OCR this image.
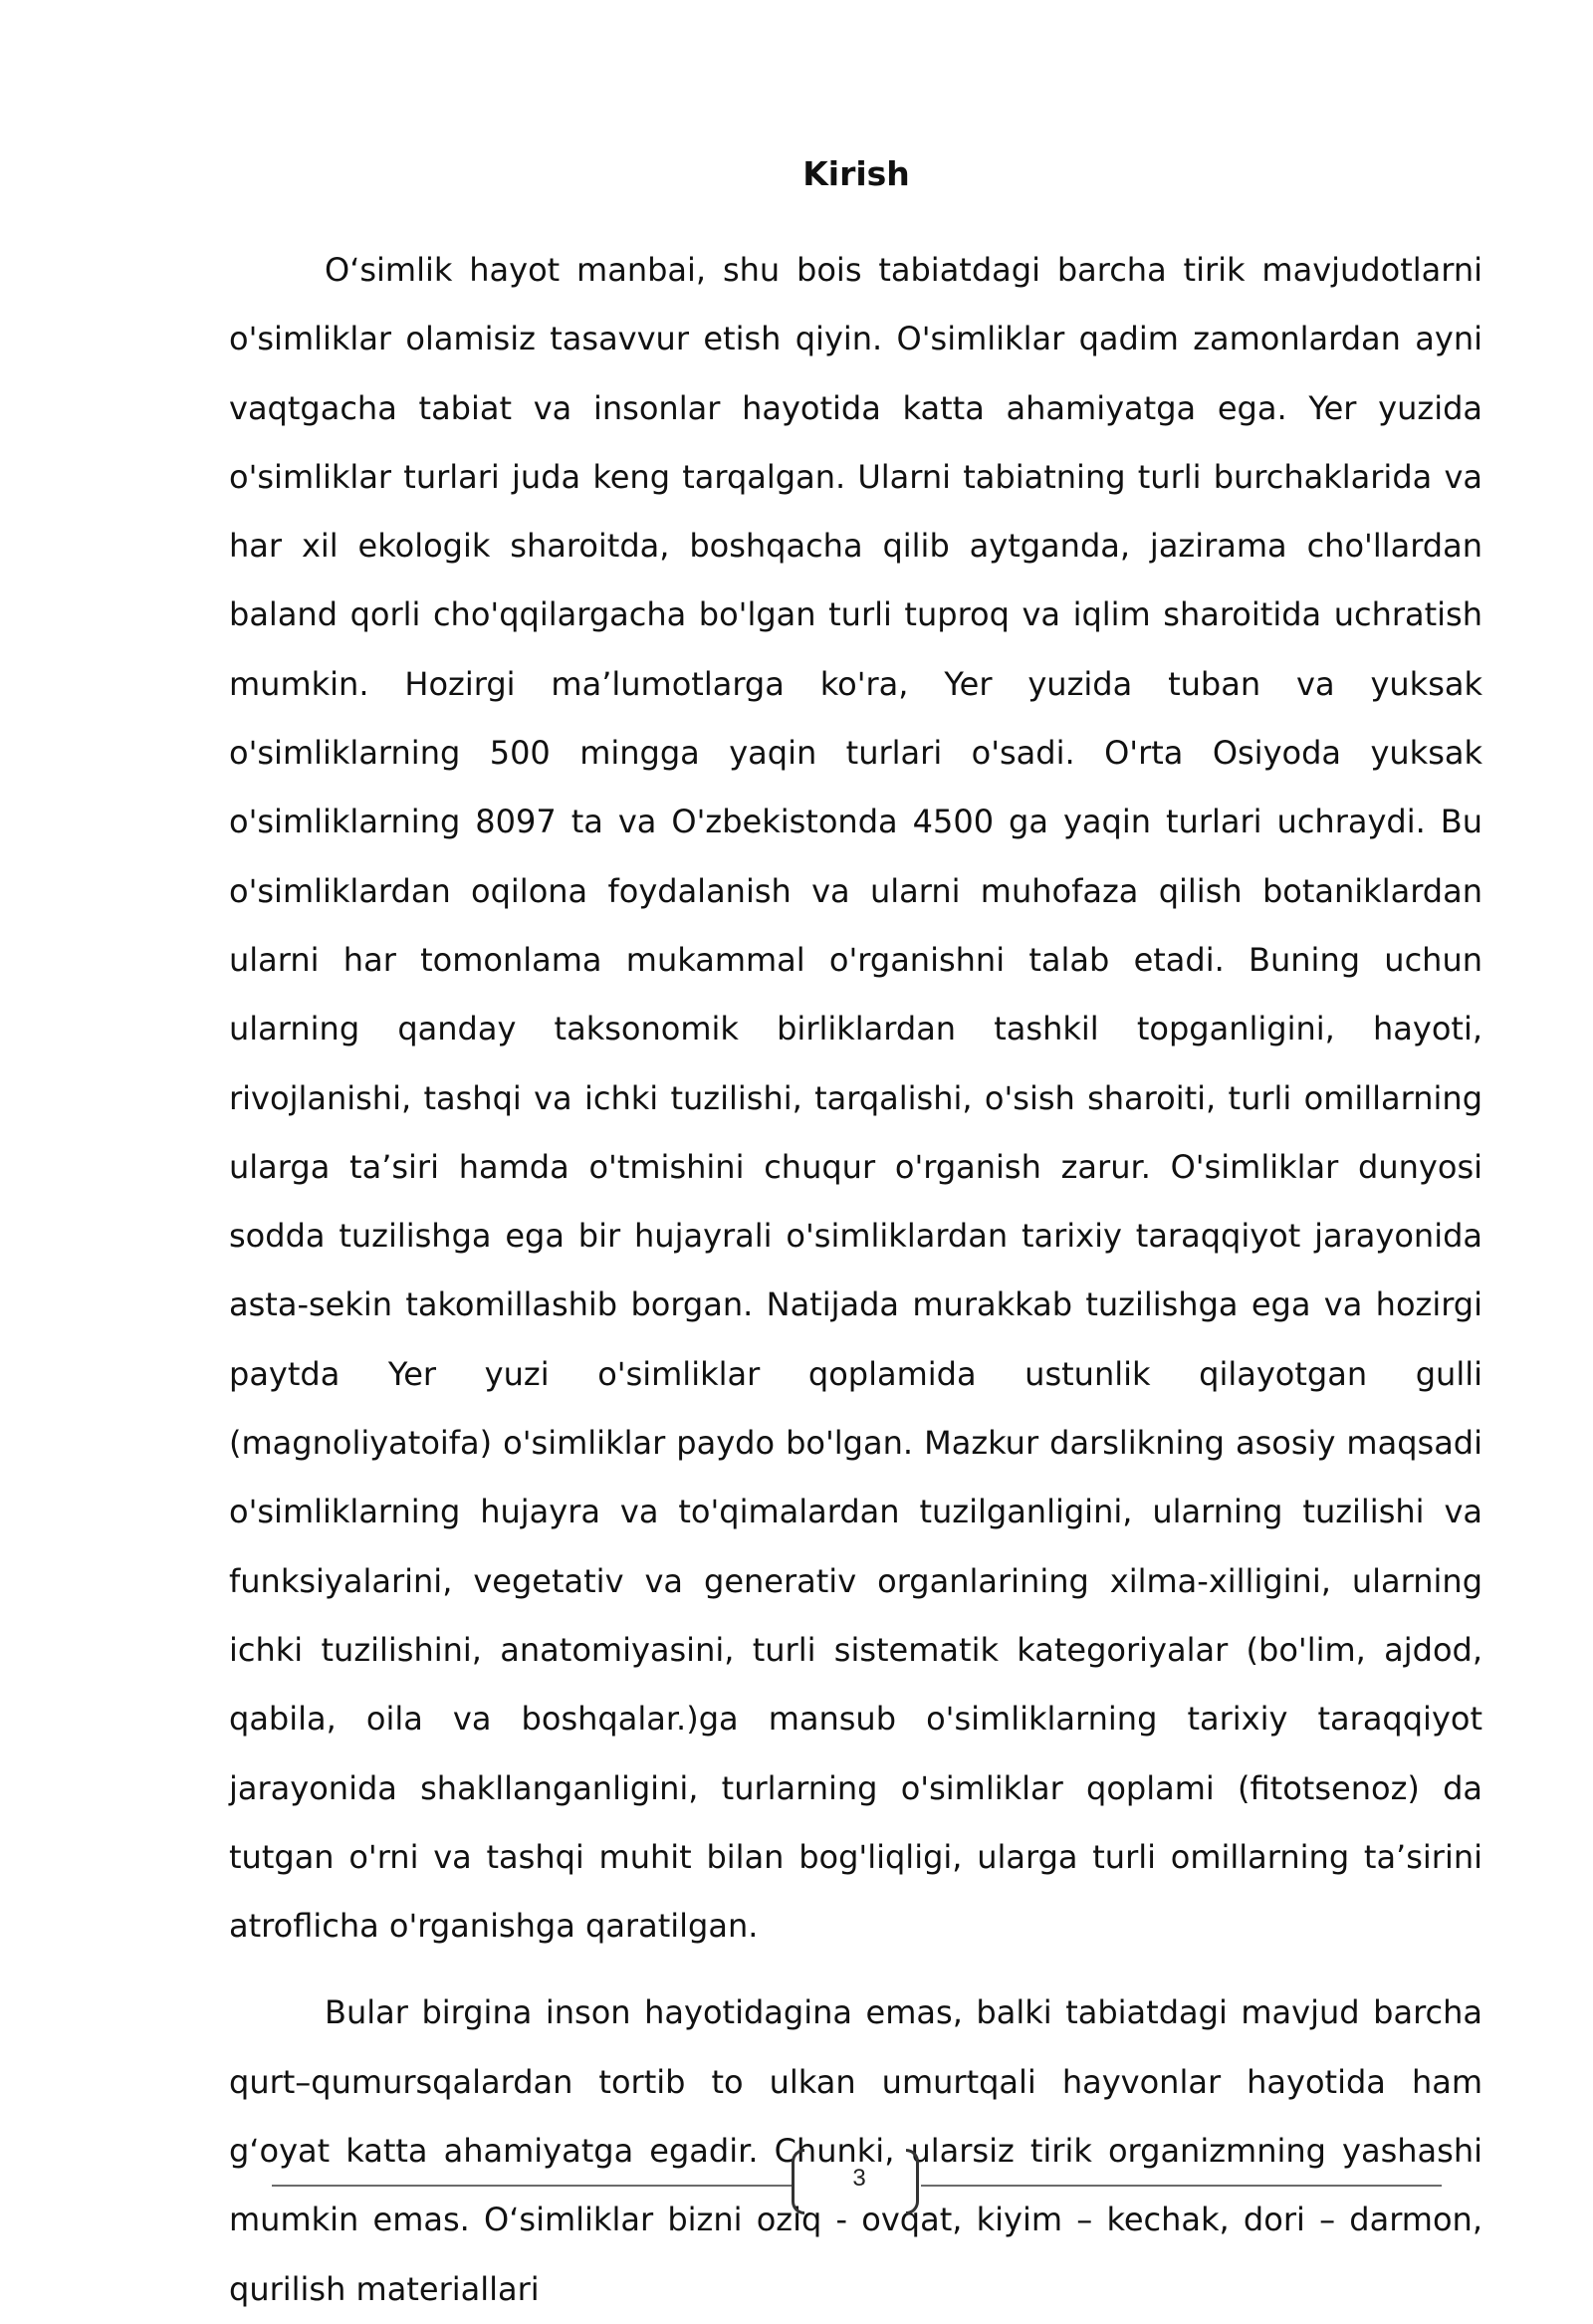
Kirish

O‘simlik hayot manbai, shu bois tabiatdagi barcha tirik mavjudotlarni o'simliklar olamisiz tasavvur etish qiyin. O'simliklar qadim zamonlardan ayni vaqtgacha tabiat va insonlar hayotida katta ahamiyatga ega. Yer yuzida o'simliklar turlari juda keng tarqalgan. Ularni tabiatning turli burchaklarida va har xil ekologik sharoitda, boshqacha qilib aytganda, jazirama cho'llardan baland qorli cho'qqilargacha bo'lgan turli tuproq va iqlim sharoitida uchratish mumkin. Hozirgi ma’lumotlarga ko'ra, Yer yuzida tuban va yuksak o'simliklarning 500 mingga yaqin turlari o'sadi. O'rta Osiyoda yuksak o'simliklarning 8097 ta va O'zbekistonda 4500 ga yaqin turlari uchraydi. Bu o'simliklardan oqilona foydalanish va ularni muhofaza qilish botaniklardan ularni har tomonlama mukammal o'rganishni talab etadi. Buning uchun ularning qanday taksonomik birliklardan tashkil topganligini, hayoti, rivojlanishi, tashqi va ichki tuzilishi, tarqalishi, o'sish sharoiti, turli omillarning ularga ta’siri hamda o'tmishini chuqur o'rganish zarur. O'simliklar dunyosi sodda tuzilishga ega bir hujayrali o'simliklardan tarixiy taraqqiyot jarayonida asta-sekin takomillashib borgan. Natijada murakkab tuzilishga ega va hozirgi paytda Yer yuzi o'simliklar qoplamida ustunlik qilayotgan gulli (magnoliyatoifa) o'simliklar paydo bo'lgan. Mazkur darslikning asosiy maqsadi o'simliklarning hujayra va to'qimalardan tuzilganligini, ularning tuzilishi va funksiyalarini, vegetativ va generativ organlarining xilma-xilligini, ularning ichki tuzilishini, anatomiyasini, turli sistematik kategoriyalar (bo'lim, ajdod, qabila, oila va boshqalar.)ga mansub o'simliklarning tarixiy taraqqiyot jarayonida shakllanganligini, turlarning o'simliklar qoplami (fitotsenoz) da tutgan o'rni va tashqi muhit bilan bog'liqligi, ularga turli omillarning ta’sirini atroflicha o'rganishga qaratilgan.

Bular birgina inson hayotidagina emas, balki tabiatdagi mavjud barcha qurt–qumursqalardan tortib to ulkan umurtqali hayvonlar hayotida ham g‘oyat katta ahamiyatga egadir. Chunki, ularsiz tirik organizmning yashashi mumkin emas. O‘simliklar bizni oziq - ovqat, kiyim – kechak, dori – darmon, qurilish materiallari

3
